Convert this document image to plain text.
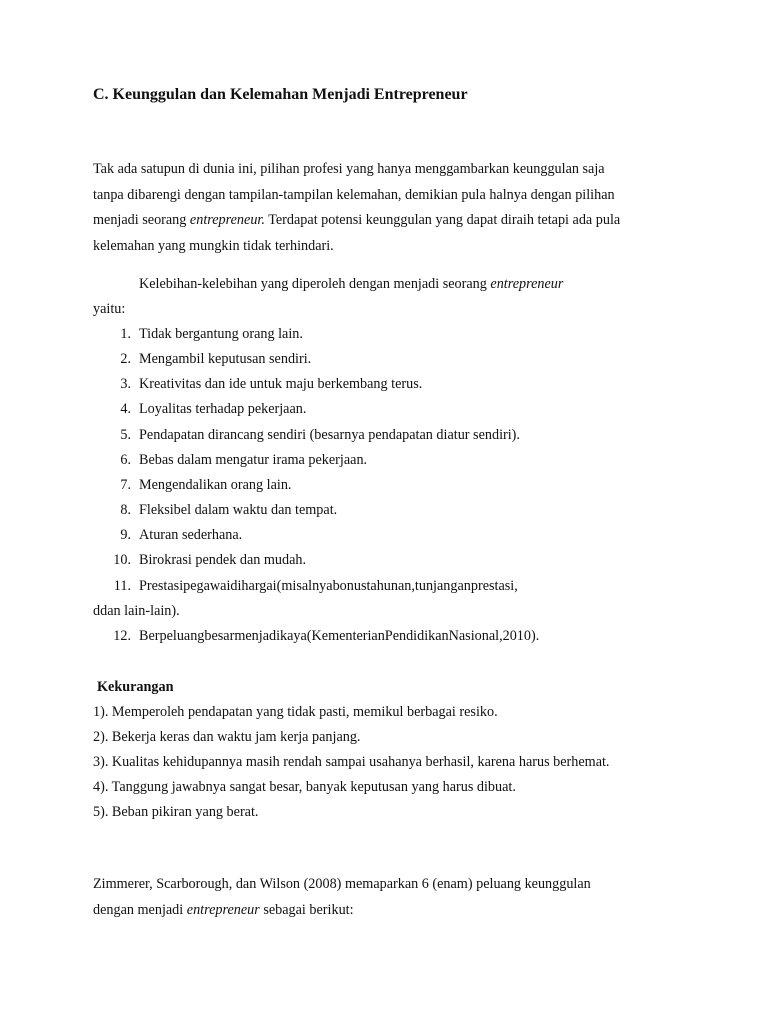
C. Keunggulan dan Kelemahan Menjadi Entrepreneur

Tak ada satupun di dunia ini, pilihan profesi yang hanya menggambarkan keunggulan saja
tanpa dibarengi dengan tampilan-tampilan kelemahan, demikian pula halnya dengan pilihan
menjadi seorang entrepreneur. Terdapat potensi keunggulan yang dapat diraih tetapi ada pula
kelemahan yang mungkin tidak terhindari.

Kelebihan-kelebihan yang diperoleh dengan menjadi seorang entrepreneur

yaitu:

1. Tidak bergantung orang lain.
2. Mengambil keputusan sendiri.
3. Kreativitas dan ide untuk maju berkembang terus.
4. Loyalitas terhadap pekerjaan.
5. Pendapatan dirancang sendiri (besarnya pendapatan diatur sendiri).
6. Bebas dalam mengatur irama pekerjaan.
7. Mengendalikan orang lain.
8. Fleksibel dalam waktu dan tempat.
9. Aturan sederhana.
10. Birokrasi pendek dan mudah.
11. Prestasipegawaidihargai(misalnyabonustahunan,tunjanganprestasi,
ddan lain-lain).
12. Berpeluangbesarmenjadikaya(KementerianPendidikanNasional,2010).

Kekurangan

1). Memperoleh pendapatan yang tidak pasti, memikul berbagai resiko.
2). Bekerja keras dan waktu jam kerja panjang.
3). Kualitas kehidupannya masih rendah sampai usahanya berhasil, karena harus berhemat.
4). Tanggung jawabnya sangat besar, banyak keputusan yang harus dibuat.
5). Beban pikiran yang berat.

Zimmerer, Scarborough, dan Wilson (2008) memaparkan 6 (enam) peluang keunggulan
dengan menjadi entrepreneur sebagai berikut:
